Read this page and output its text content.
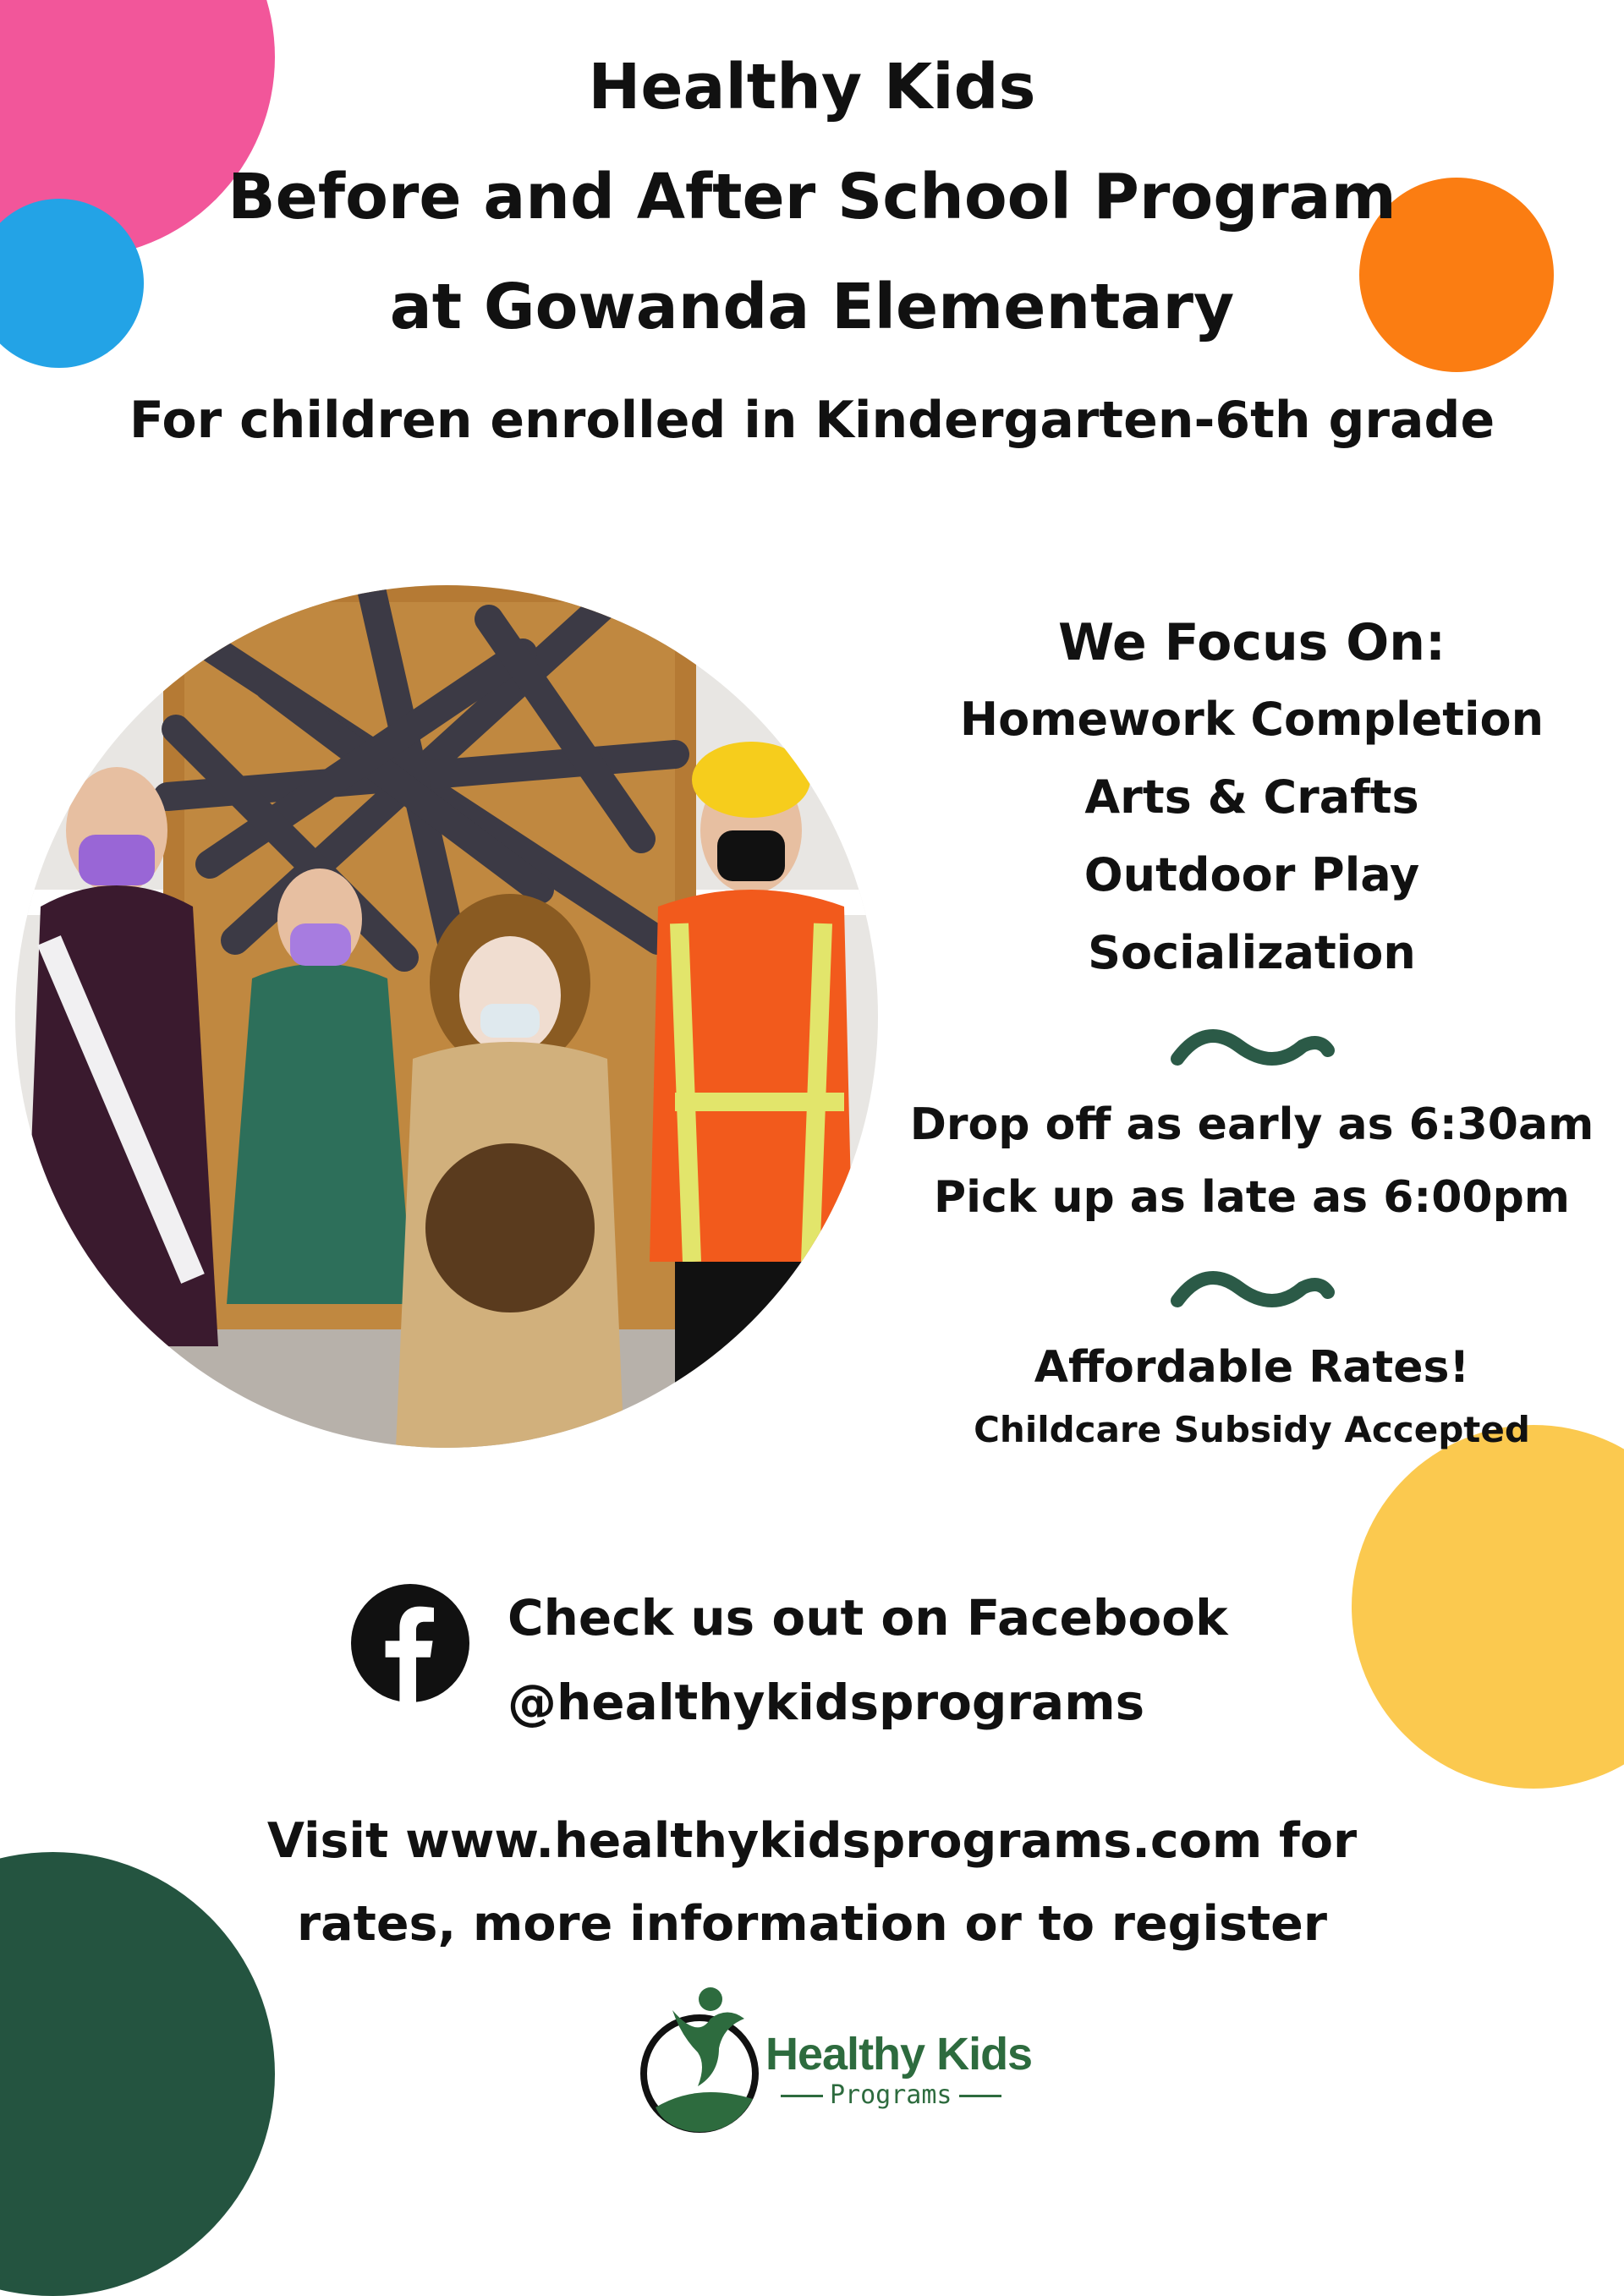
Healthy Kids
Before and After School Program
at Gowanda Elementary
For children enrolled in Kindergarten-6th grade
We Focus On:
Homework Completion
Arts & Crafts
Outdoor Play
Socialization
Drop off as early as 6:30am
Pick up as late as 6:00pm
Affordable Rates!
Childcare Subsidy Accepted
Check us out on Facebook
@healthykidsprograms
Visit www.healthykidsprograms.com for
rates, more information or to register
Healthy Kids
Programs
